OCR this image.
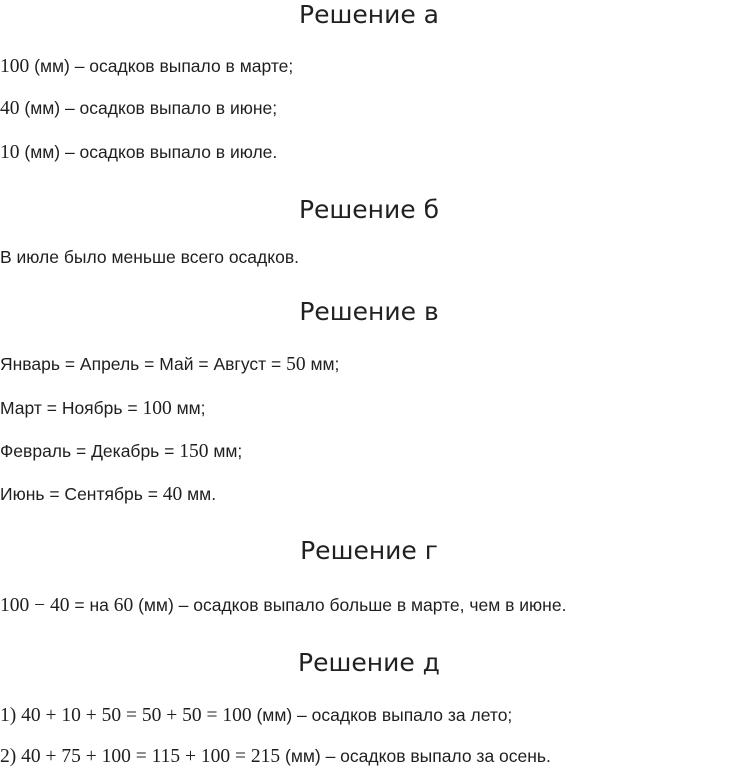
Решение а

100 (мм) – осадков выпало в марте;

40 (мм) – осадков выпало в июне;

10 (мм) – осадков выпало в июле.

Решение б

В июле было меньше всего осадков.

Решение в

Январь = Апрель = Май = Август = 50 мм;

Март = Ноябрь = 100 мм;

Февраль = Декабрь = 150 мм;

Июнь = Сентябрь = 40 мм.

Решение г

100 − 40 = на 60 (мм) – осадков выпало больше в марте, чем в июне.

Решение д

1) 40 + 10 + 50 = 50 + 50 = 100 (мм) – осадков выпало за лето;

2) 40 + 75 + 100 = 115 + 100 = 215 (мм) – осадков выпало за осень.
